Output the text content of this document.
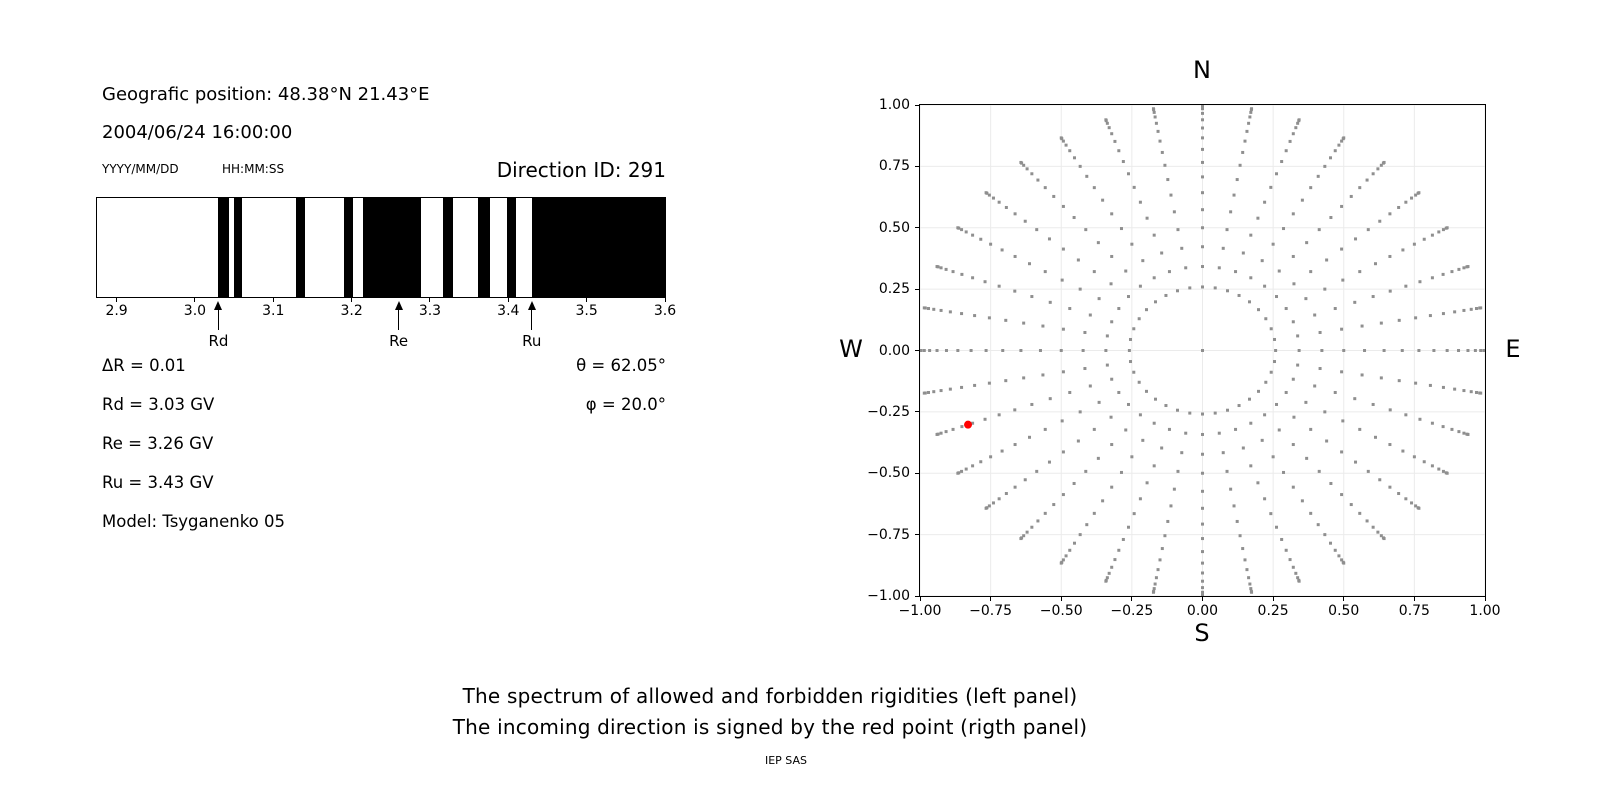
Geografic position: 48.38°N 21.43°E
2004/06/24 16:00:00
YYYY/MM/DD	HH:MM:SS	Direction ID: 291
2.9	3.0	3.1	3.2	3.3	3.4	3.5	3.6
Rd	Re	Ru
ΔR = 0.01
Rd = 3.03 GV
Re = 3.26 GV
Ru = 3.43 GV
Model: Tsyganenko 05
θ = 62.05°
φ = 20.0°
N
S
W	E
−1.00
−1.00
−0.75
−0.75
−0.50
−0.50
−0.25
−0.25
0.00
0.00
0.25
0.25
0.50
0.50
0.75
0.75
1.00
1.00
The spectrum of allowed and forbidden rigidities (left panel)
The incoming direction is signed by the red point (rigth panel)
IEP SAS
